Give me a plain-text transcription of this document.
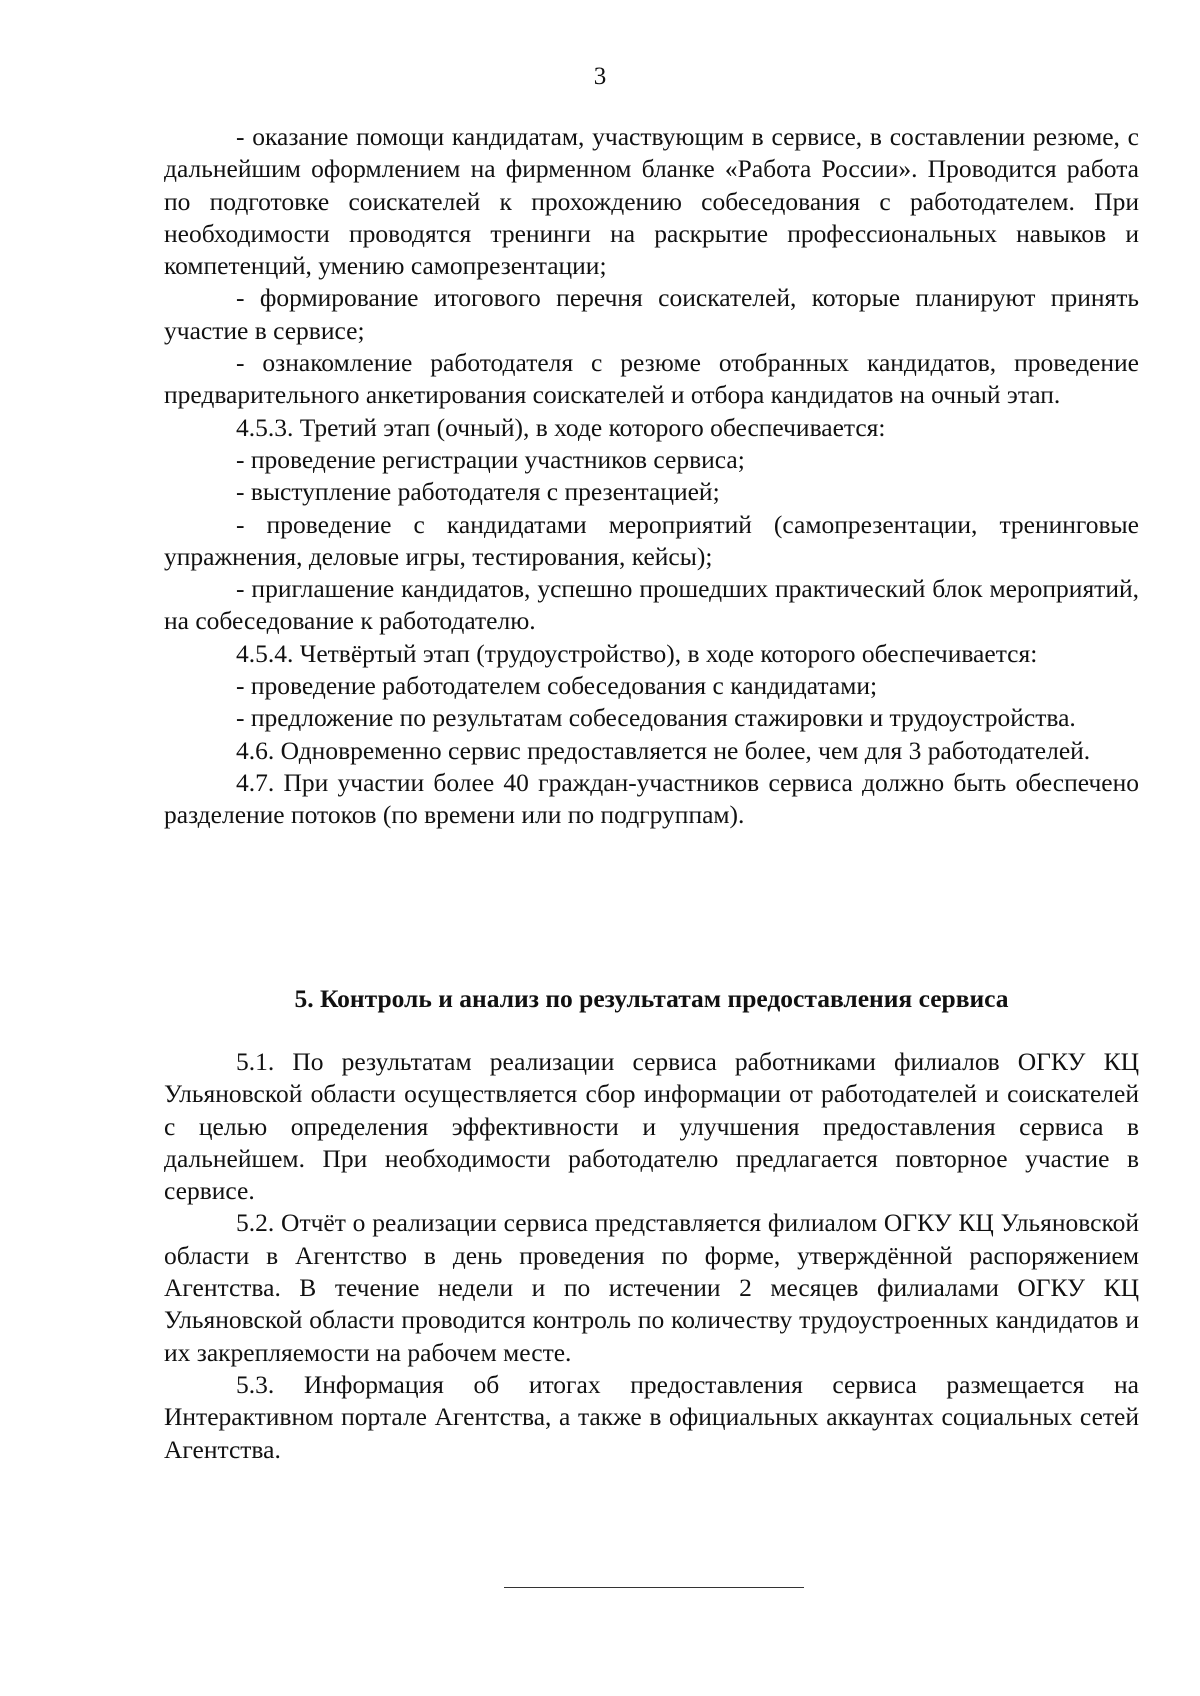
3

- оказание помощи кандидатам, участвующим в сервисе, в составлении резюме, с дальнейшим оформлением на фирменном бланке «Работа России». Проводится работа по подготовке соискателей к прохождению собеседования с работодателем. При необходимости проводятся тренинги на раскрытие профессиональных навыков и компетенций, умению самопрезентации;

- формирование итогового перечня соискателей, которые планируют принять участие в сервисе;

- ознакомление работодателя с резюме отобранных кандидатов, проведение предварительного анкетирования соискателей и отбора кандидатов на очный этап.

4.5.3. Третий этап (очный), в ходе которого обеспечивается:

- проведение регистрации участников сервиса;

- выступление работодателя с презентацией;

- проведение с кандидатами мероприятий (самопрезентации, тренинговые упражнения, деловые игры, тестирования, кейсы);

- приглашение кандидатов, успешно прошедших практический блок мероприятий, на собеседование к работодателю.

4.5.4. Четвёртый этап (трудоустройство), в ходе которого обеспечивается:

- проведение работодателем собеседования с кандидатами;

- предложение по результатам собеседования стажировки и трудоустройства.

4.6. Одновременно сервис предоставляется не более, чем для 3 работодателей.

4.7. При участии более 40 граждан-участников сервиса должно быть обеспечено разделение потоков (по времени или по подгруппам).

5. Контроль и анализ по результатам предоставления сервиса

5.1. По результатам реализации сервиса работниками филиалов ОГКУ КЦ Ульяновской области осуществляется сбор информации от работодателей и соискателей с целью определения эффективности и улучшения предоставления сервиса в дальнейшем. При необходимости работодателю предлагается повторное участие в сервисе.

5.2. Отчёт о реализации сервиса представляется филиалом ОГКУ КЦ Ульяновской области в Агентство в день проведения по форме, утверждённой распоряжением Агентства. В течение недели и по истечении 2 месяцев филиалами ОГКУ КЦ Ульяновской области проводится контроль по количеству трудоустроенных кандидатов и их закрепляемости на рабочем месте.

5.3. Информация об итогах предоставления сервиса размещается на Интерактивном портале Агентства, а также в официальных аккаунтах социальных сетей Агентства.
